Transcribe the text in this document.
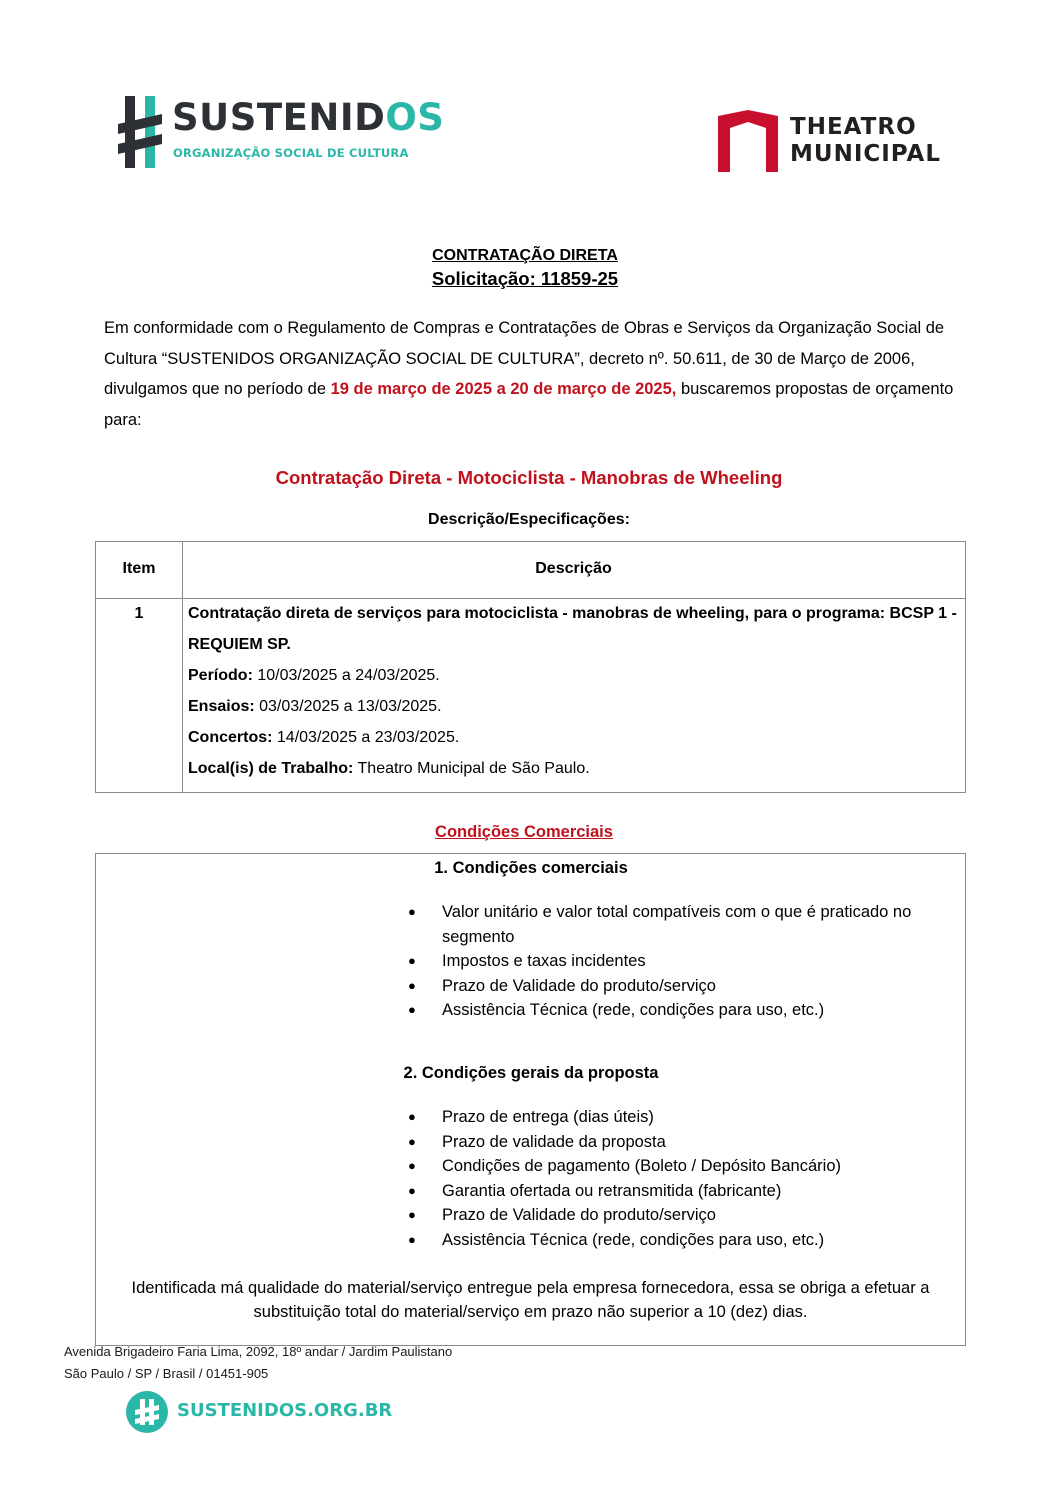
SUSTENIDOS
ORGANIZAÇÃO SOCIAL DE CULTURA
THEATRO
MUNICIPAL
CONTRATAÇÃO DIRETA
Solicitação: 11859-25
Em conformidade com o Regulamento de Compras e Contratações de Obras e Serviços da Organização Social de Cultura “SUSTENIDOS ORGANIZAÇÃO SOCIAL DE CULTURA”, decreto nº. 50.611, de 30 de Março de 2006, divulgamos que no período de 19 de março de 2025 a 20 de março de 2025, buscaremos propostas de orçamento para:
Contratação Direta - Motociclista - Manobras de Wheeling
Descrição/Especificações:
Item	Descrição
1	Contratação direta de serviços para motociclista - manobras de wheeling, para o programa: BCSP 1 - REQUIEM SP.
Período: 10/03/2025 a 24/03/2025.
Ensaios: 03/03/2025 a 13/03/2025.
Concertos: 14/03/2025 a 23/03/2025.
Local(is) de Trabalho: Theatro Municipal de São Paulo.
Condições Comerciais
1. Condições comerciais
● Valor unitário e valor total compatíveis com o que é praticado no segmento
● Impostos e taxas incidentes
● Prazo de Validade do produto/serviço
● Assistência Técnica (rede, condições para uso, etc.)
2. Condições gerais da proposta
● Prazo de entrega (dias úteis)
● Prazo de validade da proposta
● Condições de pagamento (Boleto / Depósito Bancário)
● Garantia ofertada ou retransmitida (fabricante)
● Prazo de Validade do produto/serviço
● Assistência Técnica (rede, condições para uso, etc.)
Identificada má qualidade do material/serviço entregue pela empresa fornecedora, essa se obriga a efetuar a substituição total do material/serviço em prazo não superior a 10 (dez) dias.
Avenida Brigadeiro Faria Lima, 2092, 18º andar / Jardim Paulistano
São Paulo / SP / Brasil / 01451-905
SUSTENIDOS.ORG.BR
